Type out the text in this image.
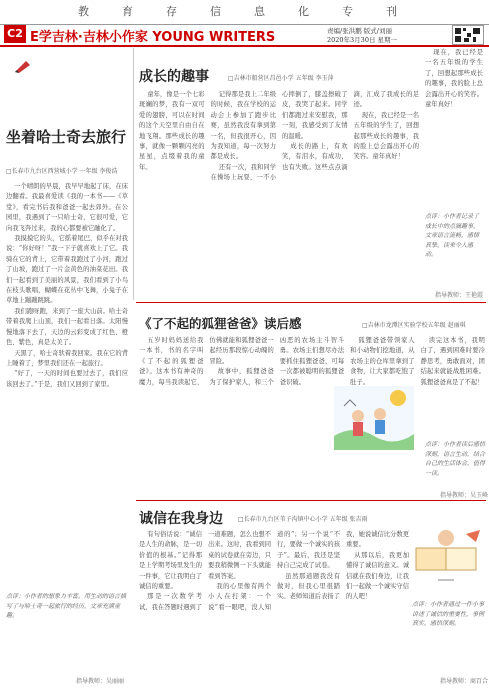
教	育	存	信	息	化	专	刊
C2 E学吉林·吉林小作家 YOUNG WRITERS	责编/张洪鹏 版式/刘丽
2020年3月30日 星期一
坐着哈士奇去旅行
□长春市九台区西营城小学 一年级 李俊浩

一个晴朗的早晨，我早早地起了床，在床边翻看。我最喜爱读《我的一本书——《草堂》，看完书后我和爸爸一起去郊外。在公园里，我遇到了一只哈士奇，它很可爱，它向我飞奔过来，我的心都要被它融化了。

我摸摸它的头，它摇着尾巴，似乎在对我说：“你好呀！”我一下子就喜欢上了它。我骑在它的背上，它带着我跑过了小河，跑过了山坡，跑过了一片金黄色的油菜花田。我们一起看到了美丽的风景，我们看到了小鸟在枝头歌唱，蝴蝶在花丛中飞舞，小兔子在草地上蹦蹦跳跳。

我们跑呀跑，来到了一座大山前。哈士奇带着我爬上山顶，我们一起看日落。太阳慢慢地落下去了，天边的云彩变成了红色、橙色、紫色，真是太美了。

天黑了，哈士奇驮着我回家。我在它的背上睡着了，梦里我们还在一起旅行。

“好了，一天的时间也要过去了，我们应该回去了。”于是，我们又回到了家里。

点评：小作者的想象力丰富，用生动的语言描写了与哈士奇一起旅行的经历，文章充满童趣。
指导教师：吴丽丽
成长的趣事	□吉林市船营区昌邑小学 五年级 李玉萍

童年，像是一个七彩斑斓的梦，我有一双可爱的翅膀，可以在时间的这个天空里自由自在地飞翔。那些成长的趣事，就像一颗颗闪亮的星星，点缀着我的童年。

记得那是我上二年级的时候，我在学校的运动会上参加了跑步比赛，虽然我没有拿到第一名，但我很开心，因为我知道，每一次努力都是成长。

还有一次，我和同学在操场上玩耍，一不小心摔倒了，膝盖擦破了皮，我哭了起来。同学们都跑过来安慰我，那一刻，我感受到了友情的温暖。

成长的路上，有欢笑，有泪水，有成功，也有失败。这些点点滴滴，汇成了我成长的足迹。

现在，我已经是一名五年级的学生了，回想起那些成长的趣事，我的脸上总会露出开心的笑容。童年真好！

现在，我已经是一名五年级的学生了，回想起那些成长的趣事，我的脸上总会露出开心的笑容。童年真好！

点评：小作者记录了成长中的点滴趣事，文章语言流畅，感情真挚，读来令人感动。
指导教师：王艳霞
《了不起的狐狸爸爸》读后感	□吉林市龙潭区实验学校五年级 赵丽琪

五岁时妈妈送给我一本书，书的名字叫《了不起的狐狸爸爸》。这本书有神奇的魔力，每当我读起它，仿佛就能和狐狸爸爸一起经历那段惊心动魄的冒险。

故事中，狐狸爸爸为了保护家人，和三个凶恶的农场主斗智斗勇。农场主们想尽办法要抓住狐狸爸爸，可每一次都被聪明的狐狸爸爸识破。

狐狸爸爸带领家人和小动物们挖地道，从农场主的仓库里拿到了食物，让大家都吃饱了肚子。

读完这本书，我明白了，遇到困难时要冷静思考，勇敢面对，团结起来就能战胜困难。狐狸爸爸真是了不起！

点评：小作者读后感悟深刻，语言生动，结合自己的生活体会，值得一读。
指导教师：吴玉峰
诚信在我身边	□长春市九台区苇子沟镇中心小学 五年级 张吉雨

有句俗话说：“诚信是人生的命脉，是一切价值的根基。”记得那是上学期考场里发生的一件事，它让我明白了诚信的重要。

那是一次数学考试，我在答题时遇到了一道难题，怎么也想不出来。这时，我看到同桌的试卷就在旁边，只要我稍微侧一下头就能看到答案。

我的心里像有两个小人在打架：一个说“看一眼吧，没人知道的”；另一个说“不行，要做一个诚实的孩子”。最后，我还是坚持自己完成了试卷。

虽然那道题我没有做对，但我心里很踏实。老师知道后表扬了我，她说诚信比分数更重要。

从那以后，我更加懂得了诚信的意义。诚信就在我们身边，让我们一起做一个诚实守信的人吧！

点评：小作者通过一件小事讲述了诚信的重要性，事例真实，感悟深刻。
指导教师：商百合
